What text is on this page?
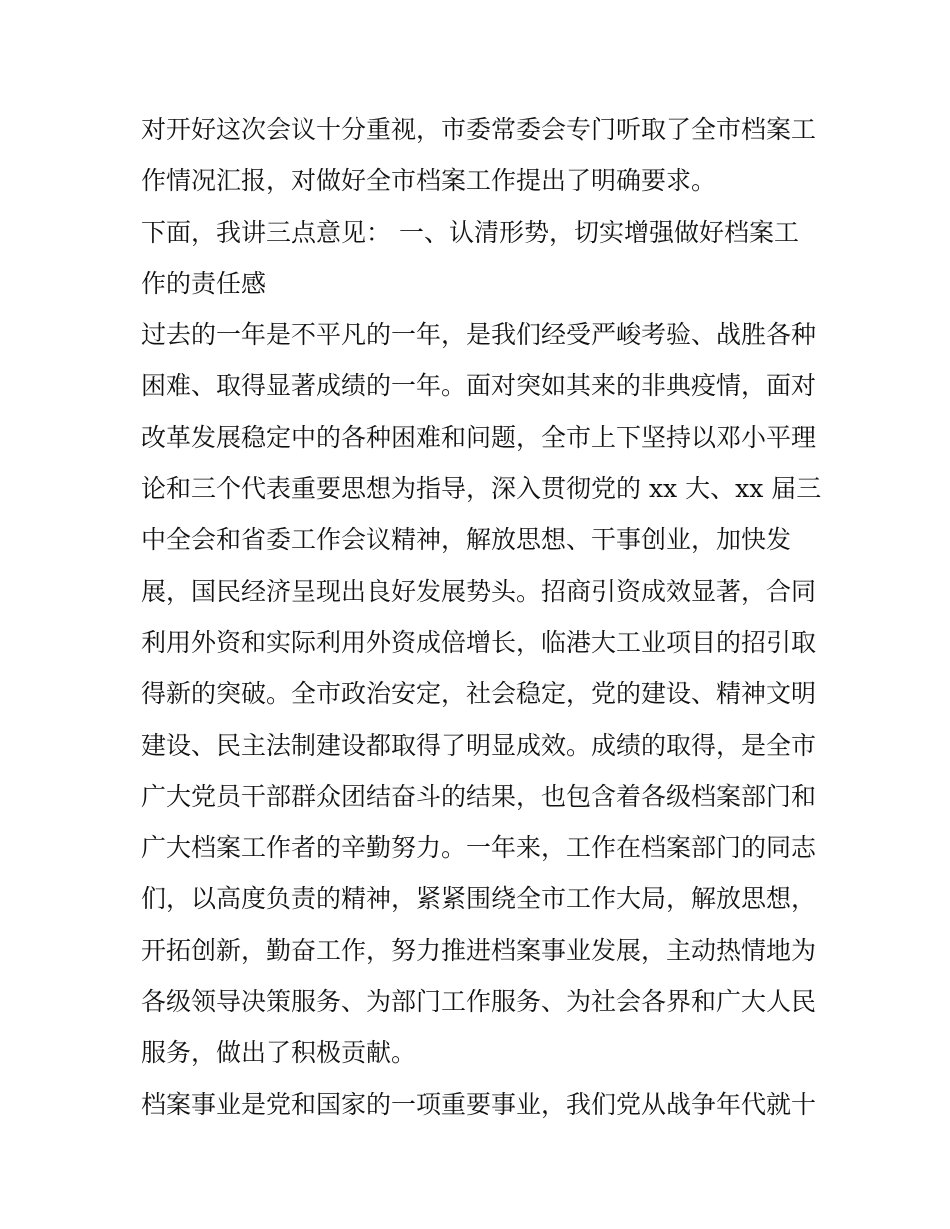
对开好这次会议十分重视，市委常委会专门听取了全市档案工
作情况汇报，对做好全市档案工作提出了明确要求。
下面，我讲三点意见： 一、认清形势，切实增强做好档案工
作的责任感
过去的一年是不平凡的一年，是我们经受严峻考验、战胜各种
困难、取得显著成绩的一年。面对突如其来的非典疫情，面对
改革发展稳定中的各种困难和问题，全市上下坚持以邓小平理
论和三个代表重要思想为指导，深入贯彻党的 xx 大、xx 届三
中全会和省委工作会议精神，解放思想、干事创业，加快发
展，国民经济呈现出良好发展势头。招商引资成效显著，合同
利用外资和实际利用外资成倍增长，临港大工业项目的招引取
得新的突破。全市政治安定，社会稳定，党的建设、精神文明
建设、民主法制建设都取得了明显成效。成绩的取得，是全市
广大党员干部群众团结奋斗的结果，也包含着各级档案部门和
广大档案工作者的辛勤努力。一年来，工作在档案部门的同志
们，以高度负责的精神，紧紧围绕全市工作大局，解放思想，
开拓创新，勤奋工作，努力推进档案事业发展，主动热情地为
各级领导决策服务、为部门工作服务、为社会各界和广大人民
服务，做出了积极贡献。
档案事业是党和国家的一项重要事业，我们党从战争年代就十
